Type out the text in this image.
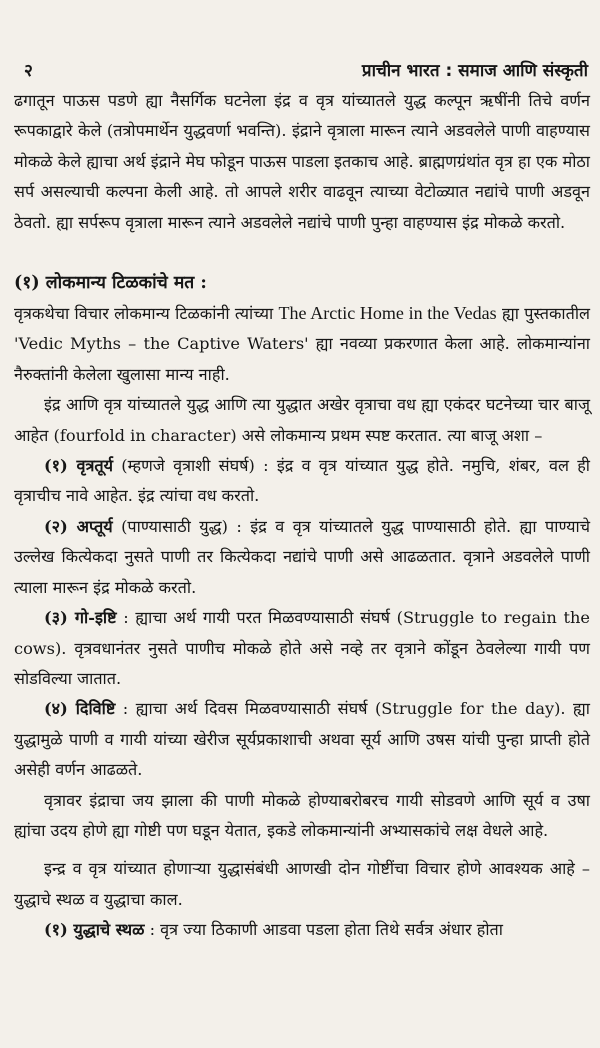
२	प्राचीन भारत : समाज आणि संस्कृती

ढगातून पाऊस पडणे ह्या नैसर्गिक घटनेला इंद्र व वृत्र यांच्यातले युद्ध कल्पून ऋषींनी तिचे वर्णन रूपकाद्वारे केले (तत्रोपमार्थेन युद्धवर्णा भवन्ति). इंद्राने वृत्राला मारून त्याने अडवलेले पाणी वाहण्यास मोकळे केले ह्याचा अर्थ इंद्राने मेघ फोडून पाऊस पाडला इतकाच आहे. ब्राह्मणग्रंथांत वृत्र हा एक मोठा सर्प असल्याची कल्पना केली आहे. तो आपले शरीर वाढवून त्याच्या वेटोळ्यात नद्यांचे पाणी अडवून ठेवतो. ह्या सर्परूप वृत्राला मारून त्याने अडवलेले नद्यांचे पाणी पुन्हा वाहण्यास इंद्र मोकळे करतो.

(१) लोकमान्य टिळकांचे मत :

वृत्रकथेचा विचार लोकमान्य टिळकांनी त्यांच्या The Arctic Home in the Vedas ह्या पुस्तकातील 'Vedic Myths – the Captive Waters' ह्या नवव्या प्रकरणात केला आहे. लोकमान्यांना नैरुक्तांनी केलेला खुलासा मान्य नाही.

इंद्र आणि वृत्र यांच्यातले युद्ध आणि त्या युद्धात अखेर वृत्राचा वध ह्या एकंदर घटनेच्या चार बाजू आहेत (fourfold in character) असे लोकमान्य प्रथम स्पष्ट करतात. त्या बाजू अशा –

(१) वृत्रतूर्य (म्हणजे वृत्राशी संघर्ष) : इंद्र व वृत्र यांच्यात युद्ध होते. नमुचि, शंबर, वल ही वृत्राचीच नावे आहेत. इंद्र त्यांचा वध करतो.

(२) अप्तूर्य (पाण्यासाठी युद्ध) : इंद्र व वृत्र यांच्यातले युद्ध पाण्यासाठी होते. ह्या पाण्याचे उल्लेख कित्येकदा नुसते पाणी तर कित्येकदा नद्यांचे पाणी असे आढळतात. वृत्राने अडवलेले पाणी त्याला मारून इंद्र मोकळे करतो.

(३) गो-इष्टि : ह्याचा अर्थ गायी परत मिळवण्यासाठी संघर्ष (Struggle to regain the cows). वृत्रवधानंतर नुसते पाणीच मोकळे होते असे नव्हे तर वृत्राने कोंडून ठेवलेल्या गायी पण सोडविल्या जातात.

(४) दिविष्टि : ह्याचा अर्थ दिवस मिळवण्यासाठी संघर्ष (Struggle for the day). ह्या युद्धामुळे पाणी व गायी यांच्या खेरीज सूर्यप्रकाशाची अथवा सूर्य आणि उषस यांची पुन्हा प्राप्ती होते असेही वर्णन आढळते.

वृत्रावर इंद्राचा जय झाला की पाणी मोकळे होण्याबरोबरच गायी सोडवणे आणि सूर्य व उषा ह्यांचा उदय होणे ह्या गोष्टी पण घडून येतात, इकडे लोकमान्यांनी अभ्यासकांचे लक्ष वेधले आहे.

इन्द्र व वृत्र यांच्यात होणाऱ्या युद्धासंबंधी आणखी दोन गोष्टींचा विचार होणे आवश्यक आहे – युद्धाचे स्थळ व युद्धाचा काल.

(१) युद्धाचे स्थळ : वृत्र ज्या ठिकाणी आडवा पडला होता तिथे सर्वत्र अंधार होता
